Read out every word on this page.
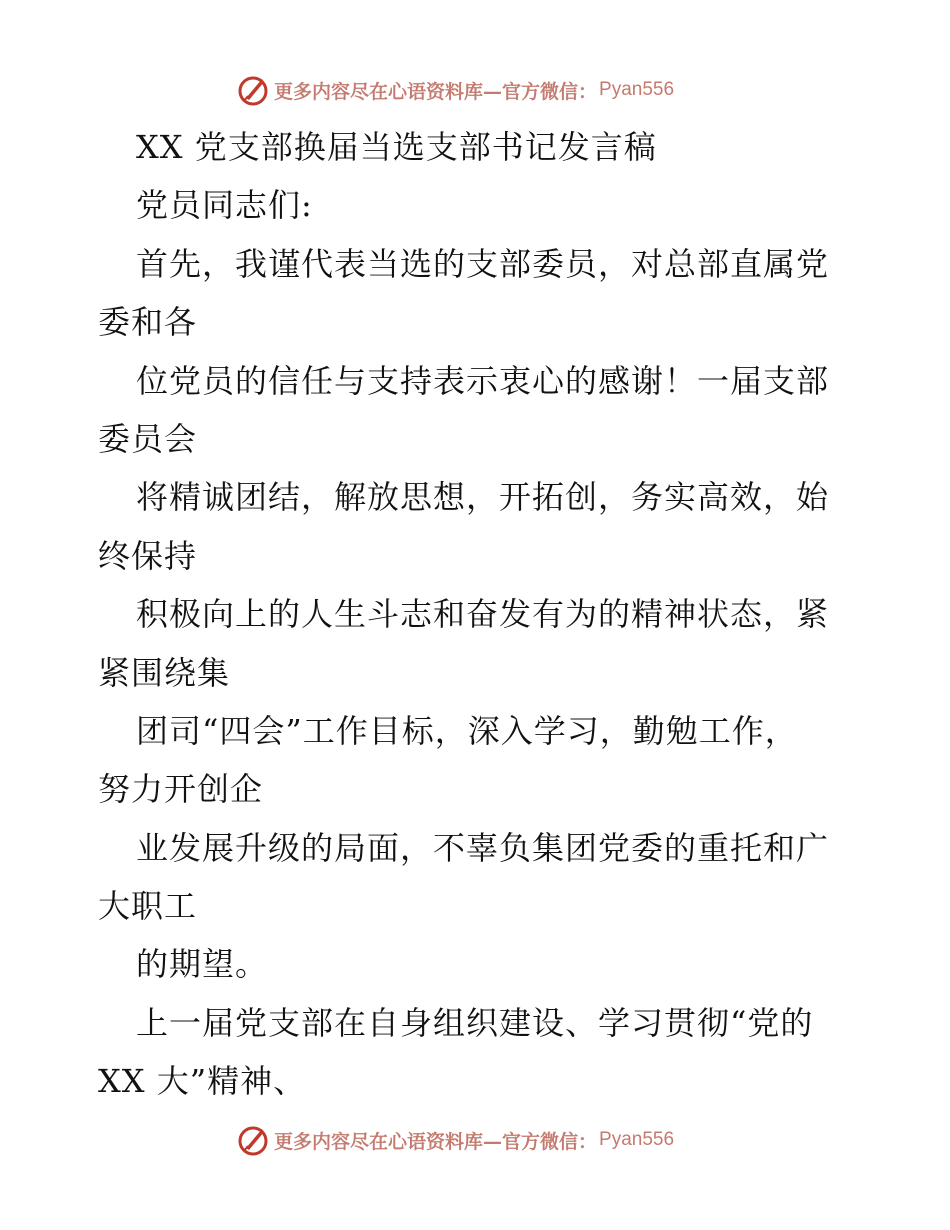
更多内容尽在心语资料库—官方微信： Pyan556
XX 党支部换届当选支部书记发言稿
党员同志们:
首先，我谨代表当选的支部委员，对总部直属党
委和各
位党员的信任与支持表示衷心的感谢！一届支部
委员会
将精诚团结，解放思想，开拓创，务实高效，始
终保持
积极向上的人生斗志和奋发有为的精神状态，紧
紧围绕集
团司“四会”工作目标，深入学习，勤勉工作，
努力开创企
业发展升级的局面，不辜负集团党委的重托和广
大职工
的期望。
上一届党支部在自身组织建设、学习贯彻“党的
XX 大”精神、
更多内容尽在心语资料库—官方微信： Pyan556
